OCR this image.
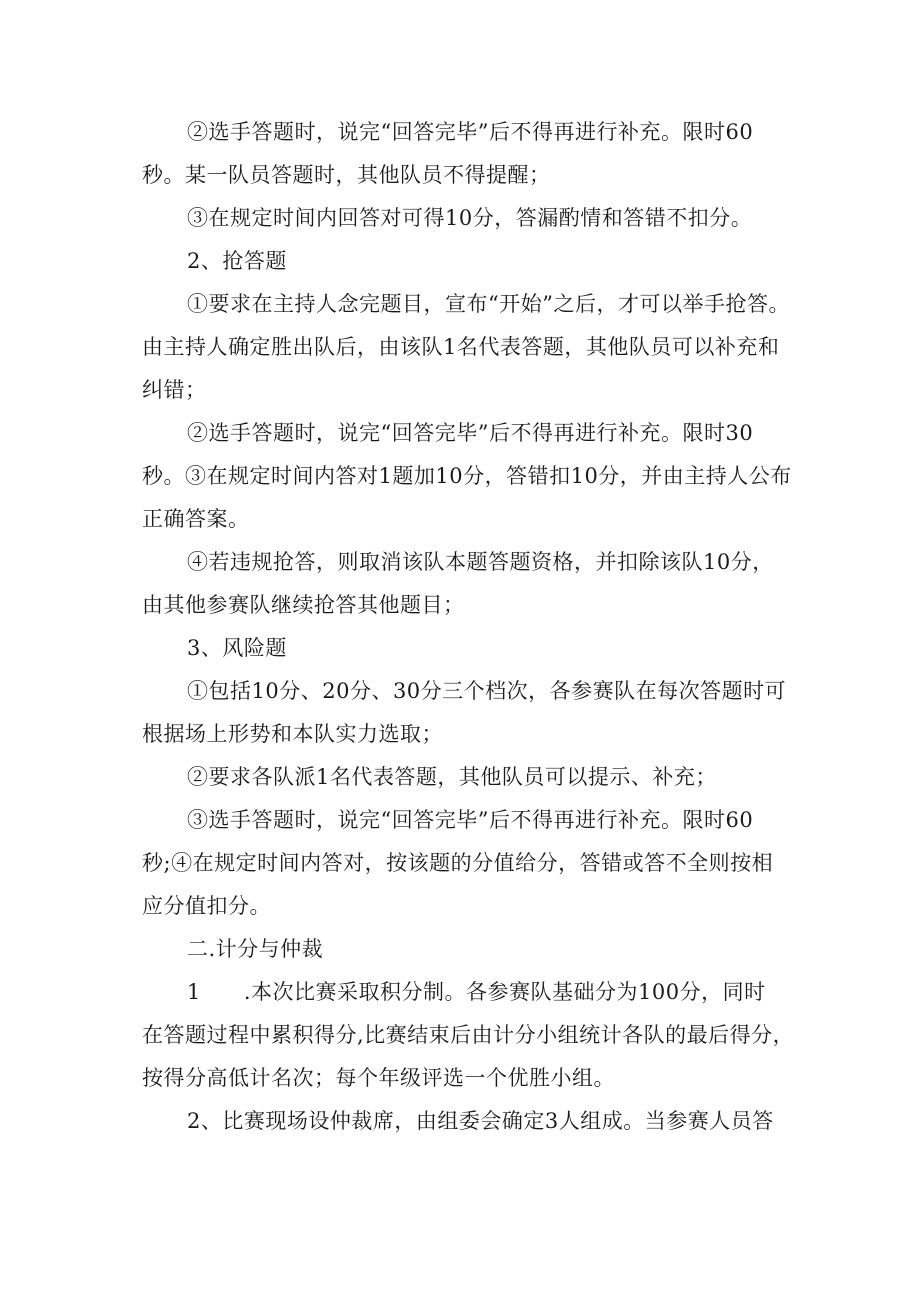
②选手答题时，说完“回答完毕”后不得再进行补充。限时60
秒。某一队员答题时，其他队员不得提醒；
③在规定时间内回答对可得10分，答漏酌情和答错不扣分。
2、抢答题
①要求在主持人念完题目，宣布“开始”之后，才可以举手抢答。
由主持人确定胜出队后，由该队1名代表答题，其他队员可以补充和
纠错；
②选手答题时，说完“回答完毕”后不得再进行补充。限时30
秒。③在规定时间内答对1题加10分，答错扣10分，并由主持人公布
正确答案。
④若违规抢答，则取消该队本题答题资格，并扣除该队10分，
由其他参赛队继续抢答其他题目；
3、风险题
①包括10分、20分、30分三个档次，各参赛队在每次答题时可
根据场上形势和本队实力选取；
②要求各队派1名代表答题，其他队员可以提示、补充；
③选手答题时，说完“回答完毕”后不得再进行补充。限时60
秒;④在规定时间内答对，按该题的分值给分，答错或答不全则按相
应分值扣分。
二.计分与仲裁
1　　.本次比赛采取积分制。各参赛队基础分为100分，同时
在答题过程中累积得分,比赛结束后由计分小组统计各队的最后得分，
按得分高低计名次；每个年级评选一个优胜小组。
2、比赛现场设仲裁席，由组委会确定3人组成。当参赛人员答
